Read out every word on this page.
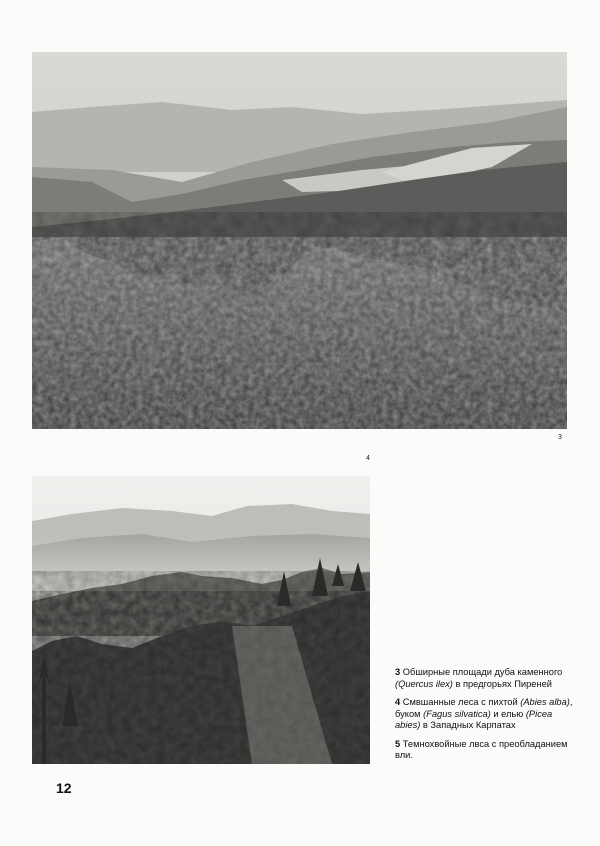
3
4

3 Обширные площади дуба каменного (Quercus ilex) в предгорьях Пиреней

4 Смвшанные леса с пихтой (Abies alba), буком (Fagus silvatica) и елью (Picea abies) в Западных Карпатах

5 Темнохвойные лвса с преобладанием вли.

12
